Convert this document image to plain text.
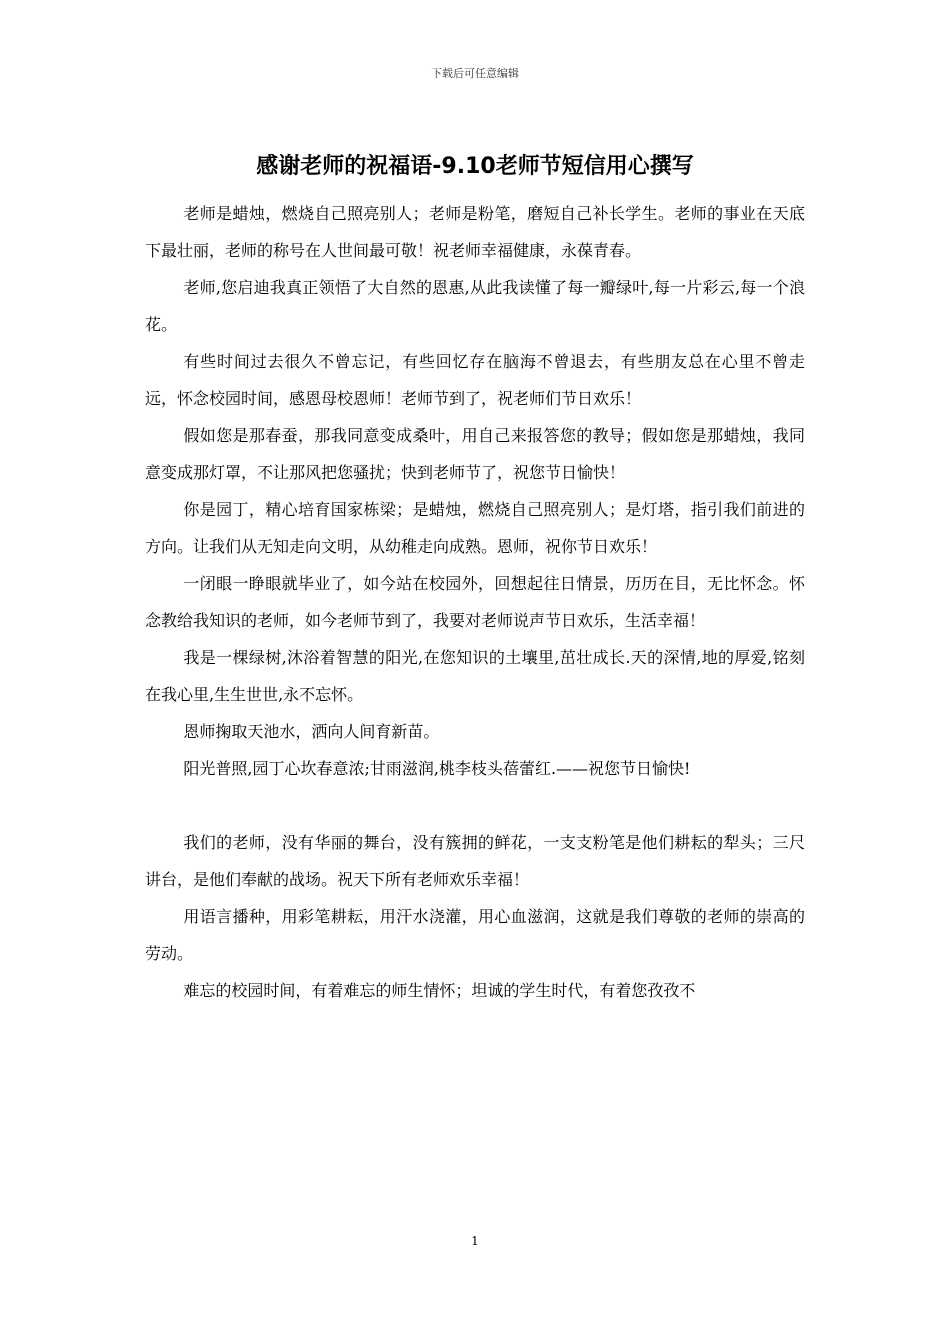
下载后可任意编辑
感谢老师的祝福语-9.10老师节短信用心撰写

老师是蜡烛，燃烧自己照亮别人；老师是粉笔，磨短自己补长学生。老师的事业在天底下最壮丽，老师的称号在人世间最可敬！祝老师幸福健康，永葆青春。

老师,您启迪我真正领悟了大自然的恩惠,从此我读懂了每一瓣绿叶,每一片彩云,每一个浪花。

有些时间过去很久不曾忘记，有些回忆存在脑海不曾退去，有些朋友总在心里不曾走远，怀念校园时间，感恩母校恩师！老师节到了，祝老师们节日欢乐！

假如您是那春蚕，那我同意变成桑叶，用自己来报答您的教导；假如您是那蜡烛，我同意变成那灯罩，不让那风把您骚扰；快到老师节了，祝您节日愉快！

你是园丁，精心培育国家栋梁；是蜡烛，燃烧自己照亮别人；是灯塔，指引我们前进的方向。让我们从无知走向文明，从幼稚走向成熟。恩师，祝你节日欢乐！

一闭眼一睁眼就毕业了，如今站在校园外，回想起往日情景，历历在目，无比怀念。怀念教给我知识的老师，如今老师节到了，我要对老师说声节日欢乐，生活幸福！

我是一棵绿树,沐浴着智慧的阳光,在您知识的土壤里,茁壮成长.天的深情,地的厚爱,铭刻在我心里,生生世世,永不忘怀。

恩师掬取天池水，洒向人间育新苗。

阳光普照,园丁心坎春意浓;甘雨滋润,桃李枝头蓓蕾红.——祝您节日愉快!

我们的老师，没有华丽的舞台，没有簇拥的鲜花，一支支粉笔是他们耕耘的犁头；三尺讲台，是他们奉献的战场。祝天下所有老师欢乐幸福！

用语言播种，用彩笔耕耘，用汗水浇灌，用心血滋润，这就是我们尊敬的老师的崇高的劳动。

难忘的校园时间，有着难忘的师生情怀；坦诚的学生时代，有着您孜孜不

1
